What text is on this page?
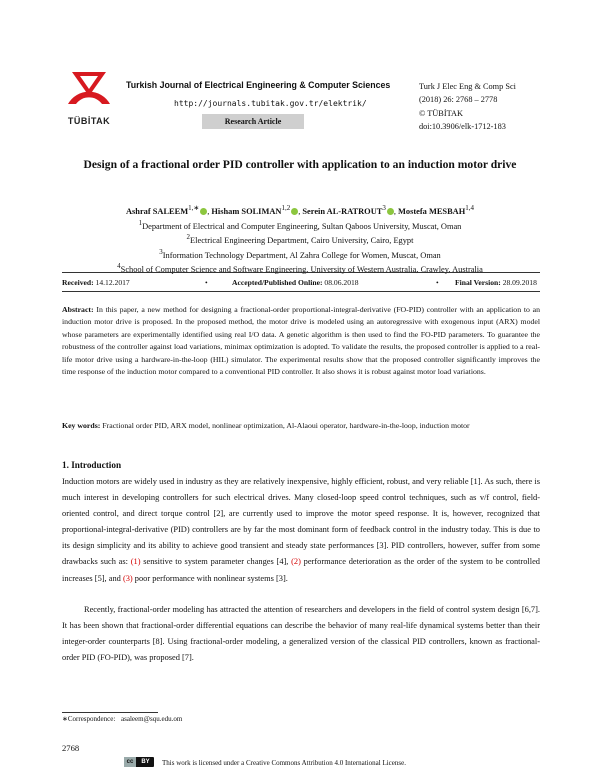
TÜBİTAK
Turkish Journal of Electrical Engineering & Computer Sciences
http://journals.tubitak.gov.tr/elektrik/
Research Article
Turk J Elec Eng & Comp Sci
(2018) 26: 2768 – 2778
© TÜBİTAK
doi:10.3906/elk-1712-183
Design of a fractional order PID controller with application to an induction motor drive
Ashraf $SALEEM^{1,∗}$ , Hisham SOLIMAN$^{1,2}$ , Serein AL-RATROUT$^3$ , Mostefa MESBAH$^{1,4}$
$^1$Department of Electrical and Computer Engineering, Sultan Qaboos University, Muscat, Oman
$^2$Electrical Engineering Department, Cairo University, Cairo, Egypt
$^3$Information Technology Department, Al Zahra College for Women, Muscat, Oman
$^4$School of Computer Science and Software Engineering, University of Western Australia, Crawley, Australia
Received: 14.12.2017	•	Accepted/Published Online: 08.06.2018	• Final Version: 28.09.2018
Abstract: In this paper, a new method for designing a fractional-order proportional-integral-derivative (FO-PID) controller with an application to an induction motor drive is proposed. In the proposed method, the motor drive is modeled using an autoregressive with exogenous input (ARX) model whose parameters are experimentally identified using real I/O data. A genetic algorithm is then used to find the FO-PID parameters. To guarantee the robustness of the controller against load variations, minimax optimization is adopted. To validate the results, the proposed controller is applied to a real-life motor drive using a hardware-in-the-loop (HIL) simulator. The experimental results show that the proposed controller significantly improves the time response of the induction motor compared to a conventional PID controller. It also shows it is robust against motor load variations.
Key words: Fractional order PID, ARX model, nonlinear optimization, Al-Alaoui operator, hardware-in-the-loop, induction motor
1. Introduction
Induction motors are widely used in industry as they are relatively inexpensive, highly efficient, robust, and very reliable [1]. As such, there is much interest in developing controllers for such electrical drives. Many closed-loop speed control techniques, such as v/f control, field-oriented control, and direct torque control [2], are currently used to improve the motor speed response. It is, however, recognized that proportional-integral-derivative (PID) controllers are by far the most dominant form of feedback control in the industry today. This is due to its design simplicity and its ability to achieve good transient and steady state performances [3]. PID controllers, however, suffer from some drawbacks such as: (1) sensitive to system parameter changes [4], (2) performance deterioration as the order of the system to be controlled increases [5], and (3) poor performance with nonlinear systems [3].
Recently, fractional-order modeling has attracted the attention of researchers and developers in the field of control system design [6,7]. It has been shown that fractional-order differential equations can describe the behavior of many real-life dynamical systems better than their integer-order counterparts [8]. Using fractional-order modeling, a generalized version of the classical PID controllers, known as fractional-order PID (FO-PID), was proposed [7].
∗Correspondence: asaleem@squ.edu.om
2768
cc	BY	This work is licensed under a Creative Commons Attribution 4.0 International License.
